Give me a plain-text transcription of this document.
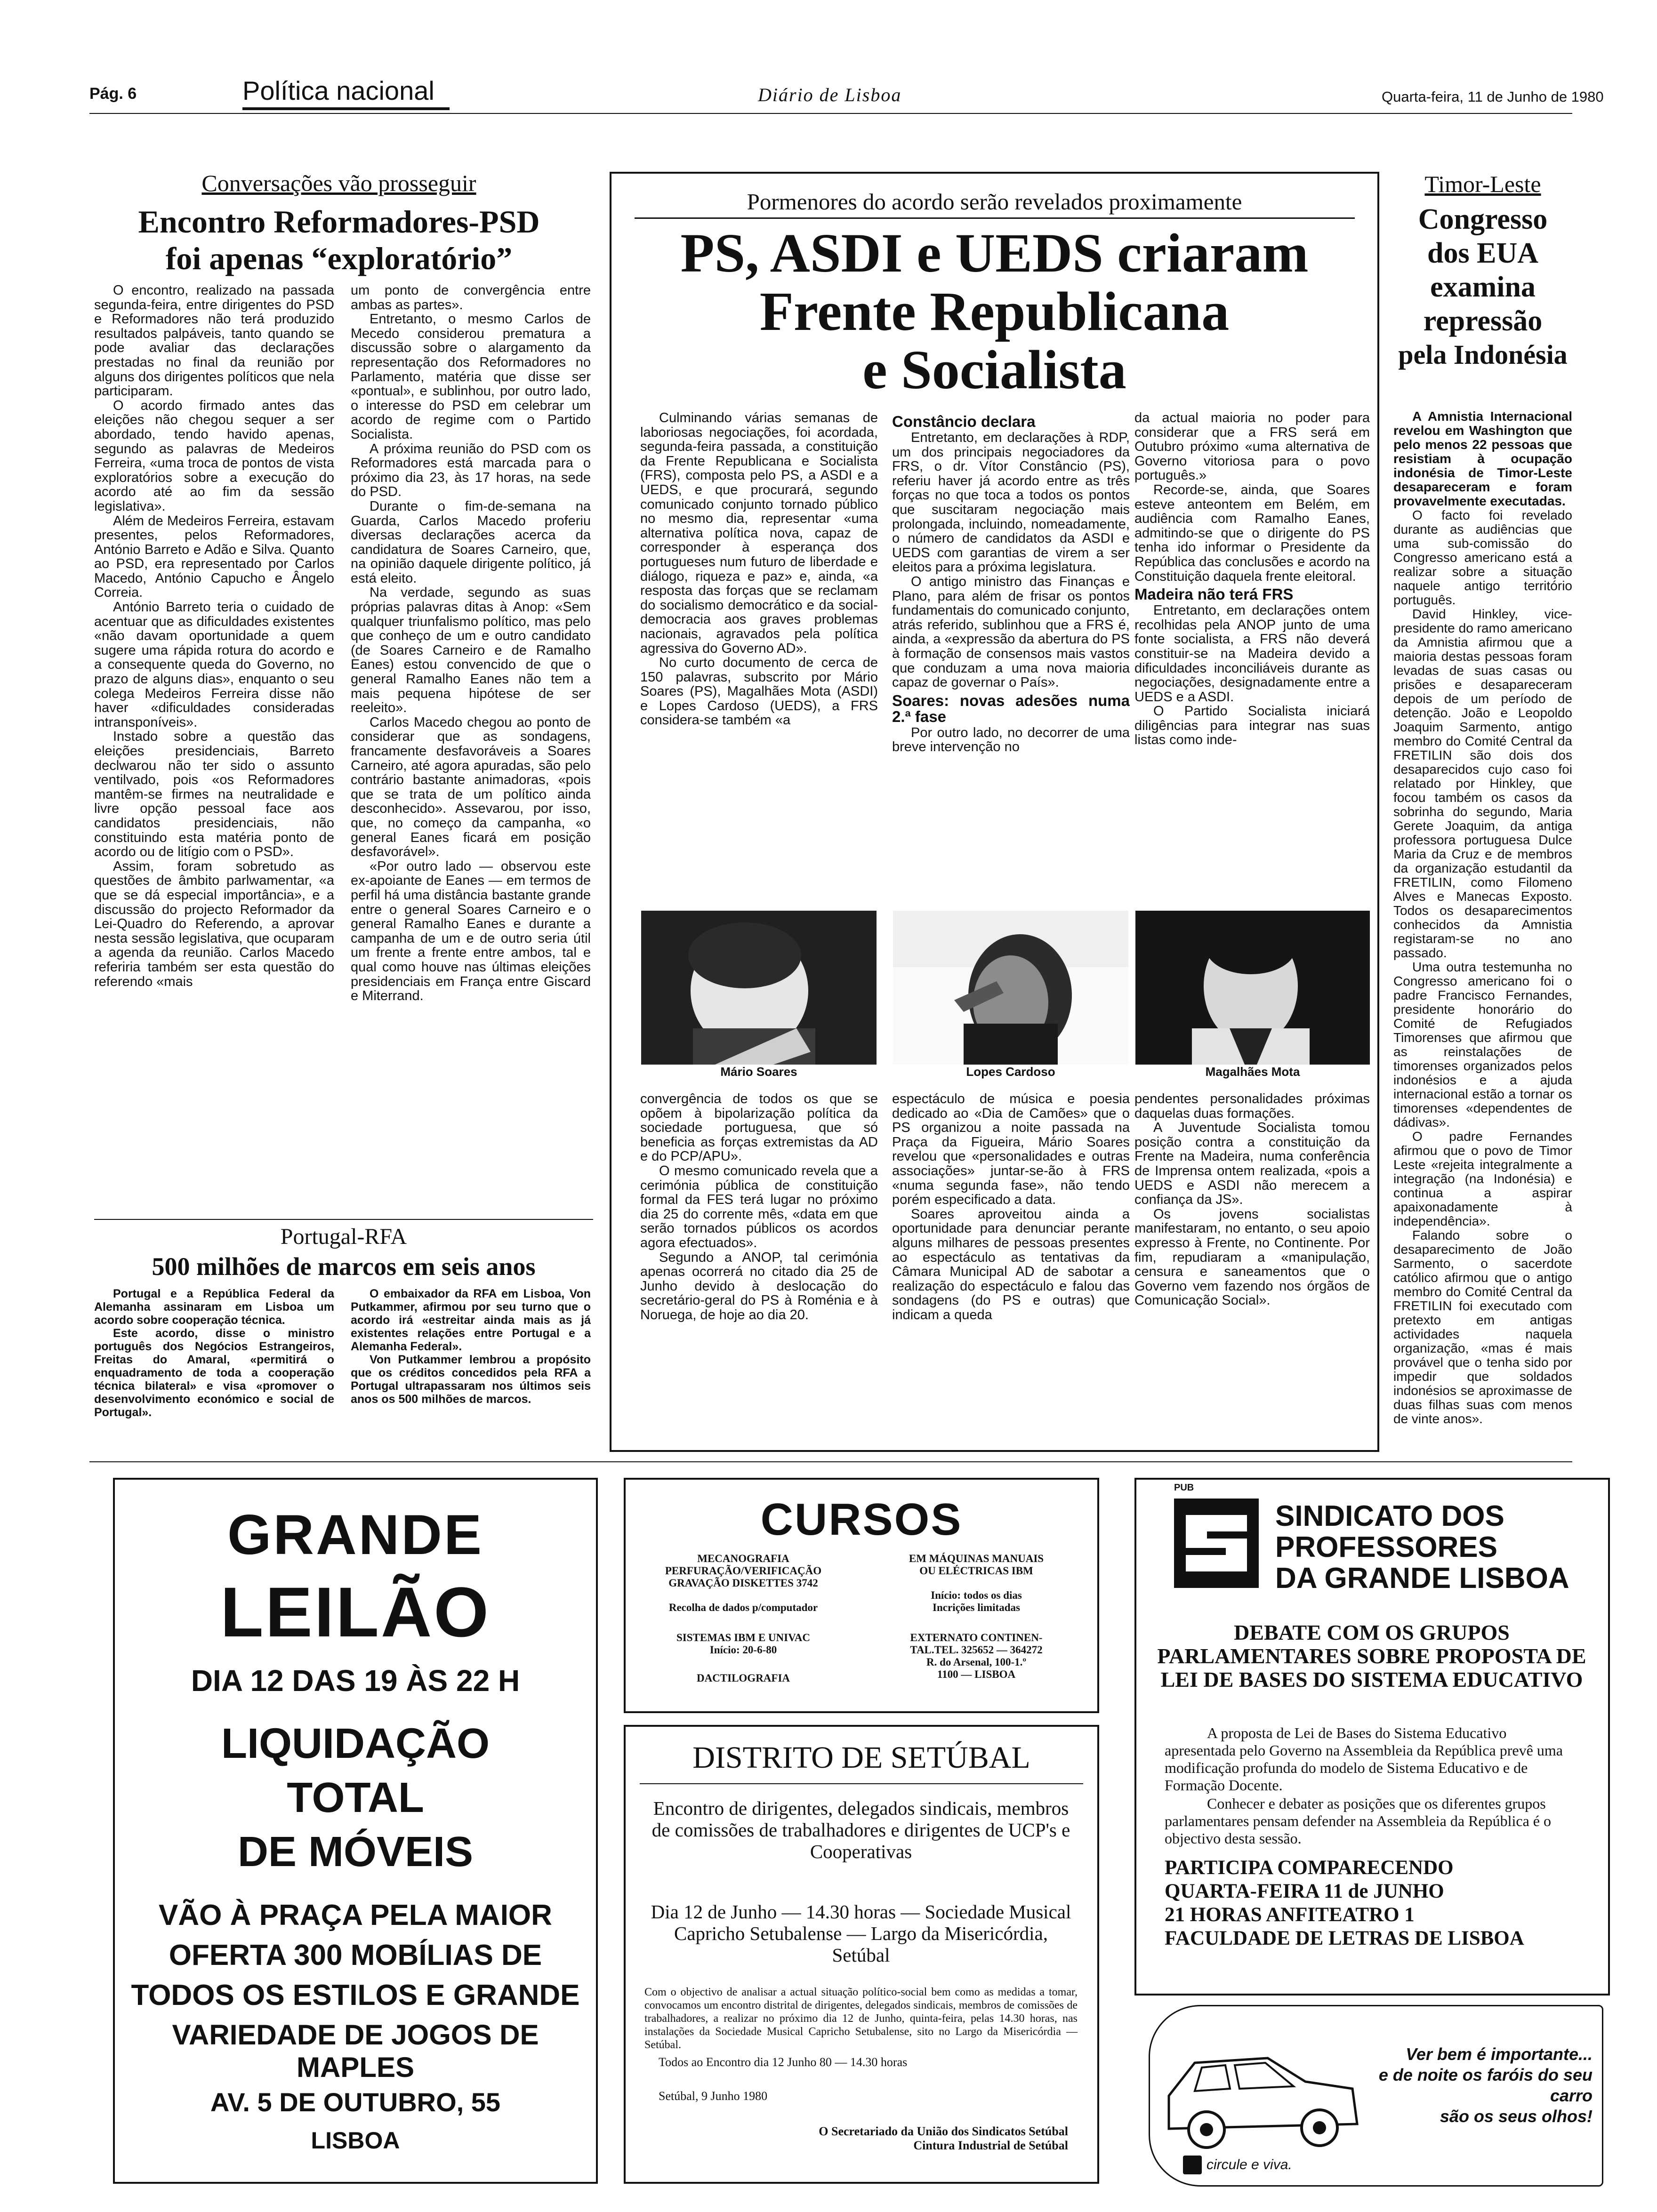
Pág. 6	Política nacional	Diário de Lisboa	Quarta-feira, 11 de Junho de 1980
Conversações vão prosseguir
Encontro Reformadores-PSD
foi apenas “exploratório”

O encontro, realizado na passada segunda-feira, entre dirigentes do PSD e Reformadores não terá produzido resultados palpáveis, tanto quando se pode avaliar das declarações prestadas no final da reunião por alguns dos dirigentes políticos que nela participaram.

O acordo firmado antes das eleições não chegou sequer a ser abordado, tendo havido apenas, segundo as palavras de Medeiros Ferreira, «uma troca de pontos de vista exploratórios sobre a execução do acordo até ao fim da sessão legislativa».

Além de Medeiros Ferreira, estavam presentes, pelos Reformadores, António Barreto e Adão e Silva. Quanto ao PSD, era representado por Carlos Macedo, António Capucho e Ângelo Correia.

António Barreto teria o cuidado de acentuar que as dificuldades existentes «não davam oportunidade a quem sugere uma rápida rotura do acordo e a consequente queda do Governo, no prazo de alguns dias», enquanto o seu colega Medeiros Ferreira disse não haver «dificuldades consideradas intransponíveis».

Instado sobre a questão das eleições presidenciais, Barreto declwarou não ter sido o assunto ventilvado, pois «os Reformadores mantêm-se firmes na neutralidade e livre opção pessoal face aos candidatos presidenciais, não constituindo esta matéria ponto de acordo ou de litígio com o PSD».

Assim, foram sobretudo as questões de âmbito parlwamentar, «a que se dá especial importância», e a discussão do projecto Reformador da Lei-Quadro do Referendo, a aprovar nesta sessão legislativa, que ocuparam a agenda da reunião. Carlos Macedo referiria também ser esta questão do referendo «mais

um ponto de convergência entre ambas as partes».

Entretanto, o mesmo Carlos de Mecedo considerou prematura a discussão sobre o alargamento da representação dos Reformadores no Parlamento, matéria que disse ser «pontual», e sublinhou, por outro lado, o interesse do PSD em celebrar um acordo de regime com o Partido Socialista.

A próxima reunião do PSD com os Reformadores está marcada para o próximo dia 23, às 17 horas, na sede do PSD.

Durante o fim-de-semana na Guarda, Carlos Macedo proferiu diversas declarações acerca da candidatura de Soares Carneiro, que, na opinião daquele dirigente político, já está eleito.

Na verdade, segundo as suas próprias palavras ditas à Anop: «Sem qualquer triunfalismo político, mas pelo que conheço de um e outro candidato (de Soares Carneiro e de Ramalho Eanes) estou convencido de que o general Ramalho Eanes não tem a mais pequena hipótese de ser reeleito».

Carlos Macedo chegou ao ponto de considerar que as sondagens, francamente desfavoráveis a Soares Carneiro, até agora apuradas, são pelo contrário bastante animadoras, «pois que se trata de um político ainda desconhecido». Assevarou, por isso, que, no começo da campanha, «o general Eanes ficará em posição desfavorável».

«Por outro lado — observou este ex-apoiante de Eanes — em termos de perfil há uma distância bastante grande entre o general Soares Carneiro e o general Ramalho Eanes e durante a campanha de um e de outro seria útil um frente a frente entre ambos, tal e qual como houve nas últimas eleições presidenciais em França entre Giscard e Miterrand.

Portugal-RFA
500 milhões de marcos em seis anos

Portugal e a República Federal da Alemanha assinaram em Lisboa um acordo sobre cooperação técnica.

Este acordo, disse o ministro português dos Negócios Estrangeiros, Freitas do Amaral, «permitirá o enquadramento de toda a cooperação técnica bilateral» e visa «promover o desenvolvimento económico e social de Portugal».

O embaixador da RFA em Lisboa, Von Putkammer, afirmou por seu turno que o acordo irá «estreitar ainda mais as já existentes relações entre Portugal e a Alemanha Federal».

Von Putkammer lembrou a propósito que os créditos concedidos pela RFA a Portugal ultrapassaram nos últimos seis anos os 500 milhões de marcos.

Pormenores do acordo serão revelados proximamente
PS, ASDI e UEDS criaram
Frente Republicana
e Socialista

Culminando várias semanas de laboriosas negociações, foi acordada, segunda-feira passada, a constituição da Frente Republicana e Socialista (FRS), composta pelo PS, a ASDI e a UEDS, e que procurará, segundo comunicado conjunto tornado público no mesmo dia, representar «uma alternativa política nova, capaz de corresponder à esperança dos portugueses num futuro de liberdade e diálogo, riqueza e paz» e, ainda, «a resposta das forças que se reclamam do socialismo democrático e da social-democracia aos graves problemas nacionais, agravados pela política agressiva do Governo AD».

No curto documento de cerca de 150 palavras, subscrito por Mário Soares (PS), Magalhães Mota (ASDI) e Lopes Cardoso (UEDS), a FRS considera-se também «a

Constâncio declara

Entretanto, em declarações à RDP, um dos principais negociadores da FRS, o dr. Vítor Constâncio (PS), referiu haver já acordo entre as três forças no que toca a todos os pontos que suscitaram negociação mais prolongada, incluindo, nomeadamente, o número de candidatos da ASDI e UEDS com garantias de virem a ser eleitos para a próxima legislatura.

O antigo ministro das Finanças e Plano, para além de frisar os pontos fundamentais do comunicado conjunto, atrás referido, sublinhou que a FRS é, ainda, a «expressão da abertura do PS à formação de consensos mais vastos que conduzam a uma nova maioria capaz de governar o País».

Soares: novas adesões numa 2.ª fase

Por outro lado, no decorrer de uma breve intervenção no

da actual maioria no poder para considerar que a FRS será em Outubro próximo «uma alternativa de Governo vitoriosa para o povo português.»

Recorde-se, ainda, que Soares esteve anteontem em Belém, em audiência com Ramalho Eanes, admitindo-se que o dirigente do PS tenha ido informar o Presidente da República das conclusões e acordo na Constituição daquela frente eleitoral.

Madeira não terá FRS

Entretanto, em declarações ontem recolhidas pela ANOP junto de uma fonte socialista, a FRS não deverá constituir-se na Madeira devido a dificuldades inconciliáveis durante as negociações, designadamente entre a UEDS e a ASDI.

O Partido Socialista iniciará diligências para integrar nas suas listas como inde-

Mário Soares	Lopes Cardoso	Magalhães Mota

convergência de todos os que se opõem à bipolarização política da sociedade portuguesa, que só beneficia as forças extremistas da AD e do PCP/APU».

O mesmo comunicado revela que a cerimónia pública de constituição formal da FES terá lugar no próximo dia 25 do corrente mês, «data em que serão tornados públicos os acordos agora efectuados».

Segundo a ANOP, tal cerimónia apenas ocorrerá no citado dia 25 de Junho devido à deslocação do secretário-geral do PS à Roménia e à Noruega, de hoje ao dia 20.

espectáculo de música e poesia dedicado ao «Dia de Camões» que o PS organizou a noite passada na Praça da Figueira, Mário Soares revelou que «personalidades e outras associações» juntar-se-ão à FRS «numa segunda fase», não tendo porém especificado a data.

Soares aproveitou ainda a oportunidade para denunciar perante alguns milhares de pessoas presentes ao espectáculo as tentativas da Câmara Municipal AD de sabotar a realização do espectáculo e falou das sondagens (do PS e outras) que indicam a queda

pendentes personalidades próximas daquelas duas formações.

A Juventude Socialista tomou posição contra a constituição da Frente na Madeira, numa conferência de Imprensa ontem realizada, «pois a UEDS e ASDI não merecem a confiança da JS».

Os jovens socialistas manifestaram, no entanto, o seu apoio expresso à Frente, no Continente. Por fim, repudiaram a «manipulação, censura e saneamentos que o Governo vem fazendo nos órgãos de Comunicação Social».

Timor-Leste
Congresso
dos EUA
examina
repressão
pela Indonésia

A Amnistia Internacional revelou em Washington que pelo menos 22 pessoas que resistiam à ocupação indonésia de Timor-Leste desapareceram e foram provavelmente executadas.

O facto foi revelado durante as audiências que uma sub-comissão do Congresso americano está a realizar sobre a situação naquele antigo território português.

David Hinkley, vice-presidente do ramo americano da Amnistia afirmou que a maioria destas pessoas foram levadas de suas casas ou prisões e desapareceram depois de um período de detenção. João e Leopoldo Joaquim Sarmento, antigo membro do Comité Central da FRETILIN são dois dos desaparecidos cujo caso foi relatado por Hinkley, que focou também os casos da sobrinha do segundo, Maria Gerete Joaquim, da antiga professora portuguesa Dulce Maria da Cruz e de membros da organização estudantil da FRETILIN, como Filomeno Alves e Manecas Exposto. Todos os desaparecimentos conhecidos da Amnistia registaram-se no ano passado.

Uma outra testemunha no Congresso americano foi o padre Francisco Fernandes, presidente honorário do Comité de Refugiados Timorenses que afirmou que as reinstalações de timorenses organizados pelos indonésios e a ajuda internacional estão a tornar os timorenses «dependentes de dádivas».

O padre Fernandes afirmou que o povo de Timor Leste «rejeita integralmente a integração (na Indonésia) e continua a aspirar apaixonadamente à independência».

Falando sobre o desaparecimento de João Sarmento, o sacerdote católico afirmou que o antigo membro do Comité Central da FRETILIN foi executado com pretexto em antigas actividades naquela organização, «mas é mais provável que o tenha sido por impedir que soldados indonésios se aproximasse de duas filhas suas com menos de vinte anos».

GRANDE
LEILÃO
DIA 12 DAS 19 ÀS 22 H
LIQUIDAÇÃO
TOTAL
DE MÓVEIS
VÃO À PRAÇA PELA MAIOR
OFERTA 300 MOBÍLIAS DE
TODOS OS ESTILOS E GRANDE
VARIEDADE DE JOGOS DE MAPLES
AV. 5 DE OUTUBRO, 55
LISBOA
CURSOS
MECANOGRAFIA
PERFURAÇÃO/VERIFICAÇÃO
GRAVAÇÃO DISKETTES 3742
Recolha de dados p/computador
SISTEMAS IBM E UNIVAC
Início: 20-6-80
DACTILOGRAFIA
EM MÁQUINAS MANUAIS
OU ELÉCTRICAS IBM
Início: todos os dias
Incrições limitadas
EXTERNATO CONTINEN-
TAL.TEL. 325652 — 364272
R. do Arsenal, 100-1.º
1100 — LISBOA
DISTRITO DE SETÚBAL
Encontro de dirigentes, delegados sindicais, membros de comissões de trabalhadores e dirigentes de UCP's e Cooperativas
Dia 12 de Junho — 14.30 horas — Sociedade Musical Capricho Setubalense — Largo da Misericórdia, Setúbal
Com o objectivo de analisar a actual situação político-social bem como as medidas a tomar, convocamos um encontro distrital de dirigentes, delegados sindicais, membros de comissões de trabalhadores, a realizar no próximo dia 12 de Junho, quinta-feira, pelas 14.30 horas, nas instalações da Sociedade Musical Capricho Setubalense, sito no Largo da Misericórdia — Setúbal.
Todos ao Encontro dia 12 Junho 80 — 14.30 horas
Setúbal, 9 Junho 1980
O Secretariado da União dos Sindicatos Setúbal
Cintura Industrial de Setúbal
PUB
SINDICATO DOS
PROFESSORES
DA GRANDE LISBOA
DEBATE COM OS GRUPOS PARLAMENTARES SOBRE PROPOSTA DE LEI DE BASES DO SISTEMA EDUCATIVO
A proposta de Lei de Bases do Sistema Educativo apresentada pelo Governo na Assembleia da República prevê uma modificação profunda do modelo de Sistema Educativo e de Formação Docente.
Conhecer e debater as posições que os diferentes grupos parlamentares pensam defender na Assembleia da República é o objectivo desta sessão.
PARTICIPA COMPARECENDO
QUARTA-FEIRA 11 de JUNHO
21 HORAS ANFITEATRO 1
FACULDADE DE LETRAS DE LISBOA
Ver bem é importante...
e de noite os faróis do seu carro
são os seus olhos!
circule e viva.
